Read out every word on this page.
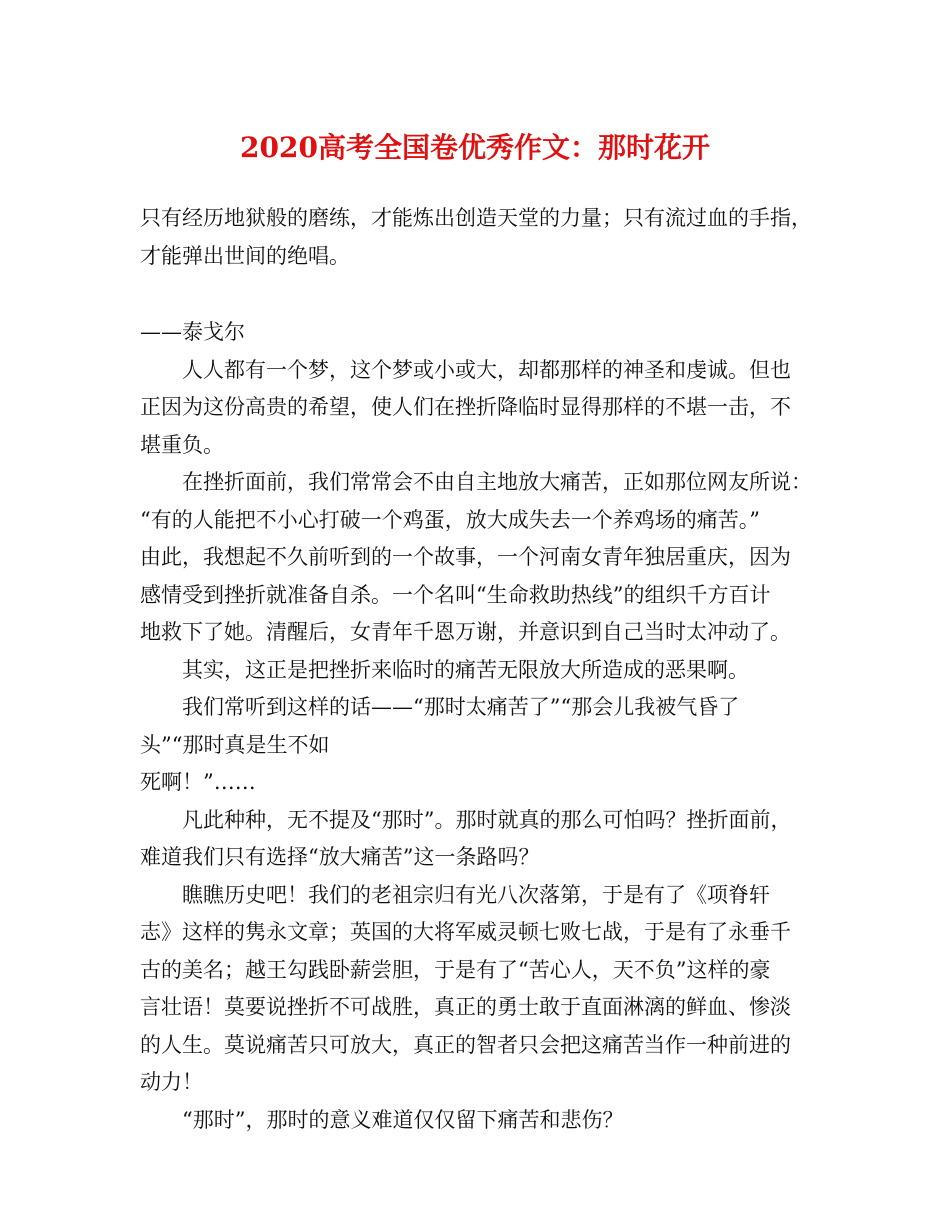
2020高考全国卷优秀作文：那时花开
只有经历地狱般的磨练，才能炼出创造天堂的力量；只有流过血的手指，
才能弹出世间的绝唱。
——泰戈尔
人人都有一个梦，这个梦或小或大，却都那样的神圣和虔诚。但也
正因为这份高贵的希望，使人们在挫折降临时显得那样的不堪一击，不
堪重负。
在挫折面前，我们常常会不由自主地放大痛苦，正如那位网友所说：
“有的人能把不小心打破一个鸡蛋，放大成失去一个养鸡场的痛苦。”
由此，我想起不久前听到的一个故事，一个河南女青年独居重庆，因为
感情受到挫折就准备自杀。一个名叫“生命救助热线”的组织千方百计
地救下了她。清醒后，女青年千恩万谢，并意识到自己当时太冲动了。
其实，这正是把挫折来临时的痛苦无限放大所造成的恶果啊。
我们常听到这样的话——“那时太痛苦了”“那会儿我被气昏了
头”“那时真是生不如
死啊！”……
凡此种种，无不提及“那时”。那时就真的那么可怕吗？挫折面前，
难道我们只有选择“放大痛苦”这一条路吗？
瞧瞧历史吧！我们的老祖宗归有光八次落第，于是有了《项脊轩
志》这样的隽永文章；英国的大将军威灵顿七败七战，于是有了永垂千
古的美名；越王勾践卧薪尝胆，于是有了“苦心人，天不负”这样的豪
言壮语！莫要说挫折不可战胜，真正的勇士敢于直面淋漓的鲜血、惨淡
的人生。莫说痛苦只可放大，真正的智者只会把这痛苦当作一种前进的
动力！
“那时”，那时的意义难道仅仅留下痛苦和悲伤？
